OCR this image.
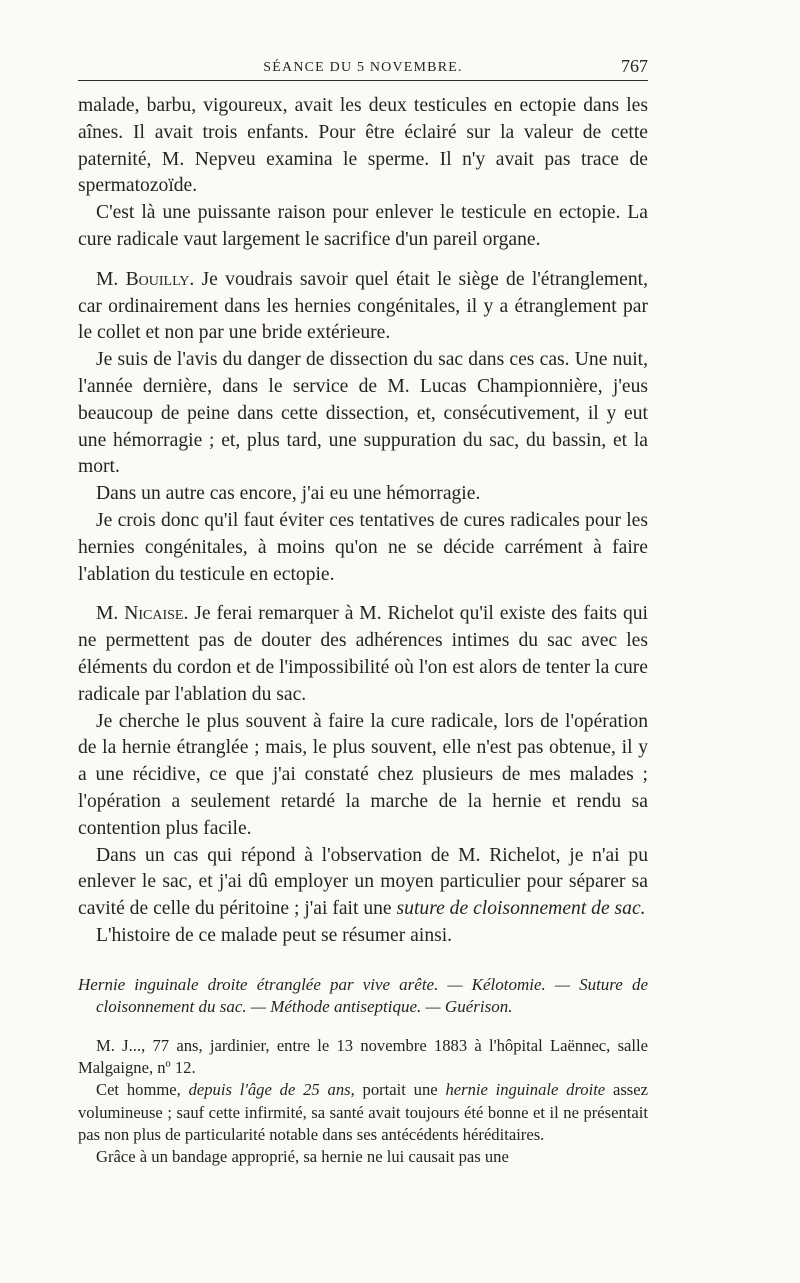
SÉANCE DU 5 NOVEMBRE.	767

malade, barbu, vigoureux, avait les deux testicules en ectopie dans les aînes. Il avait trois enfants. Pour être éclairé sur la valeur de cette paternité, M. Nepveu examina le sperme. Il n'y avait pas trace de spermatozoïde.

C'est là une puissante raison pour enlever le testicule en ectopie. La cure radicale vaut largement le sacrifice d'un pareil organe.

M. Bouilly. Je voudrais savoir quel était le siège de l'étranglement, car ordinairement dans les hernies congénitales, il y a étranglement par le collet et non par une bride extérieure.

Je suis de l'avis du danger de dissection du sac dans ces cas. Une nuit, l'année dernière, dans le service de M. Lucas Championnière, j'eus beaucoup de peine dans cette dissection, et, consécutivement, il y eut une hémorragie ; et, plus tard, une suppuration du sac, du bassin, et la mort.

Dans un autre cas encore, j'ai eu une hémorragie.

Je crois donc qu'il faut éviter ces tentatives de cures radicales pour les hernies congénitales, à moins qu'on ne se décide carrément à faire l'ablation du testicule en ectopie.

M. Nicaise. Je ferai remarquer à M. Richelot qu'il existe des faits qui ne permettent pas de douter des adhérences intimes du sac avec les éléments du cordon et de l'impossibilité où l'on est alors de tenter la cure radicale par l'ablation du sac.

Je cherche le plus souvent à faire la cure radicale, lors de l'opération de la hernie étranglée ; mais, le plus souvent, elle n'est pas obtenue, il y a une récidive, ce que j'ai constaté chez plusieurs de mes malades ; l'opération a seulement retardé la marche de la hernie et rendu sa contention plus facile.

Dans un cas qui répond à l'observation de M. Richelot, je n'ai pu enlever le sac, et j'ai dû employer un moyen particulier pour séparer sa cavité de celle du péritoine ; j'ai fait une suture de cloisonnement de sac.

L'histoire de ce malade peut se résumer ainsi.

Hernie inguinale droite étranglée par vive arête. — Kélotomie. — Suture de cloisonnement du sac. — Méthode antiseptique. — Guérison.

M. J..., 77 ans, jardinier, entre le 13 novembre 1883 à l'hôpital Laënnec, salle Malgaigne, nº 12.

Cet homme, depuis l'âge de 25 ans, portait une hernie inguinale droite assez volumineuse ; sauf cette infirmité, sa santé avait toujours été bonne et il ne présentait pas non plus de particularité notable dans ses antécédents héréditaires.

Grâce à un bandage approprié, sa hernie ne lui causait pas une
